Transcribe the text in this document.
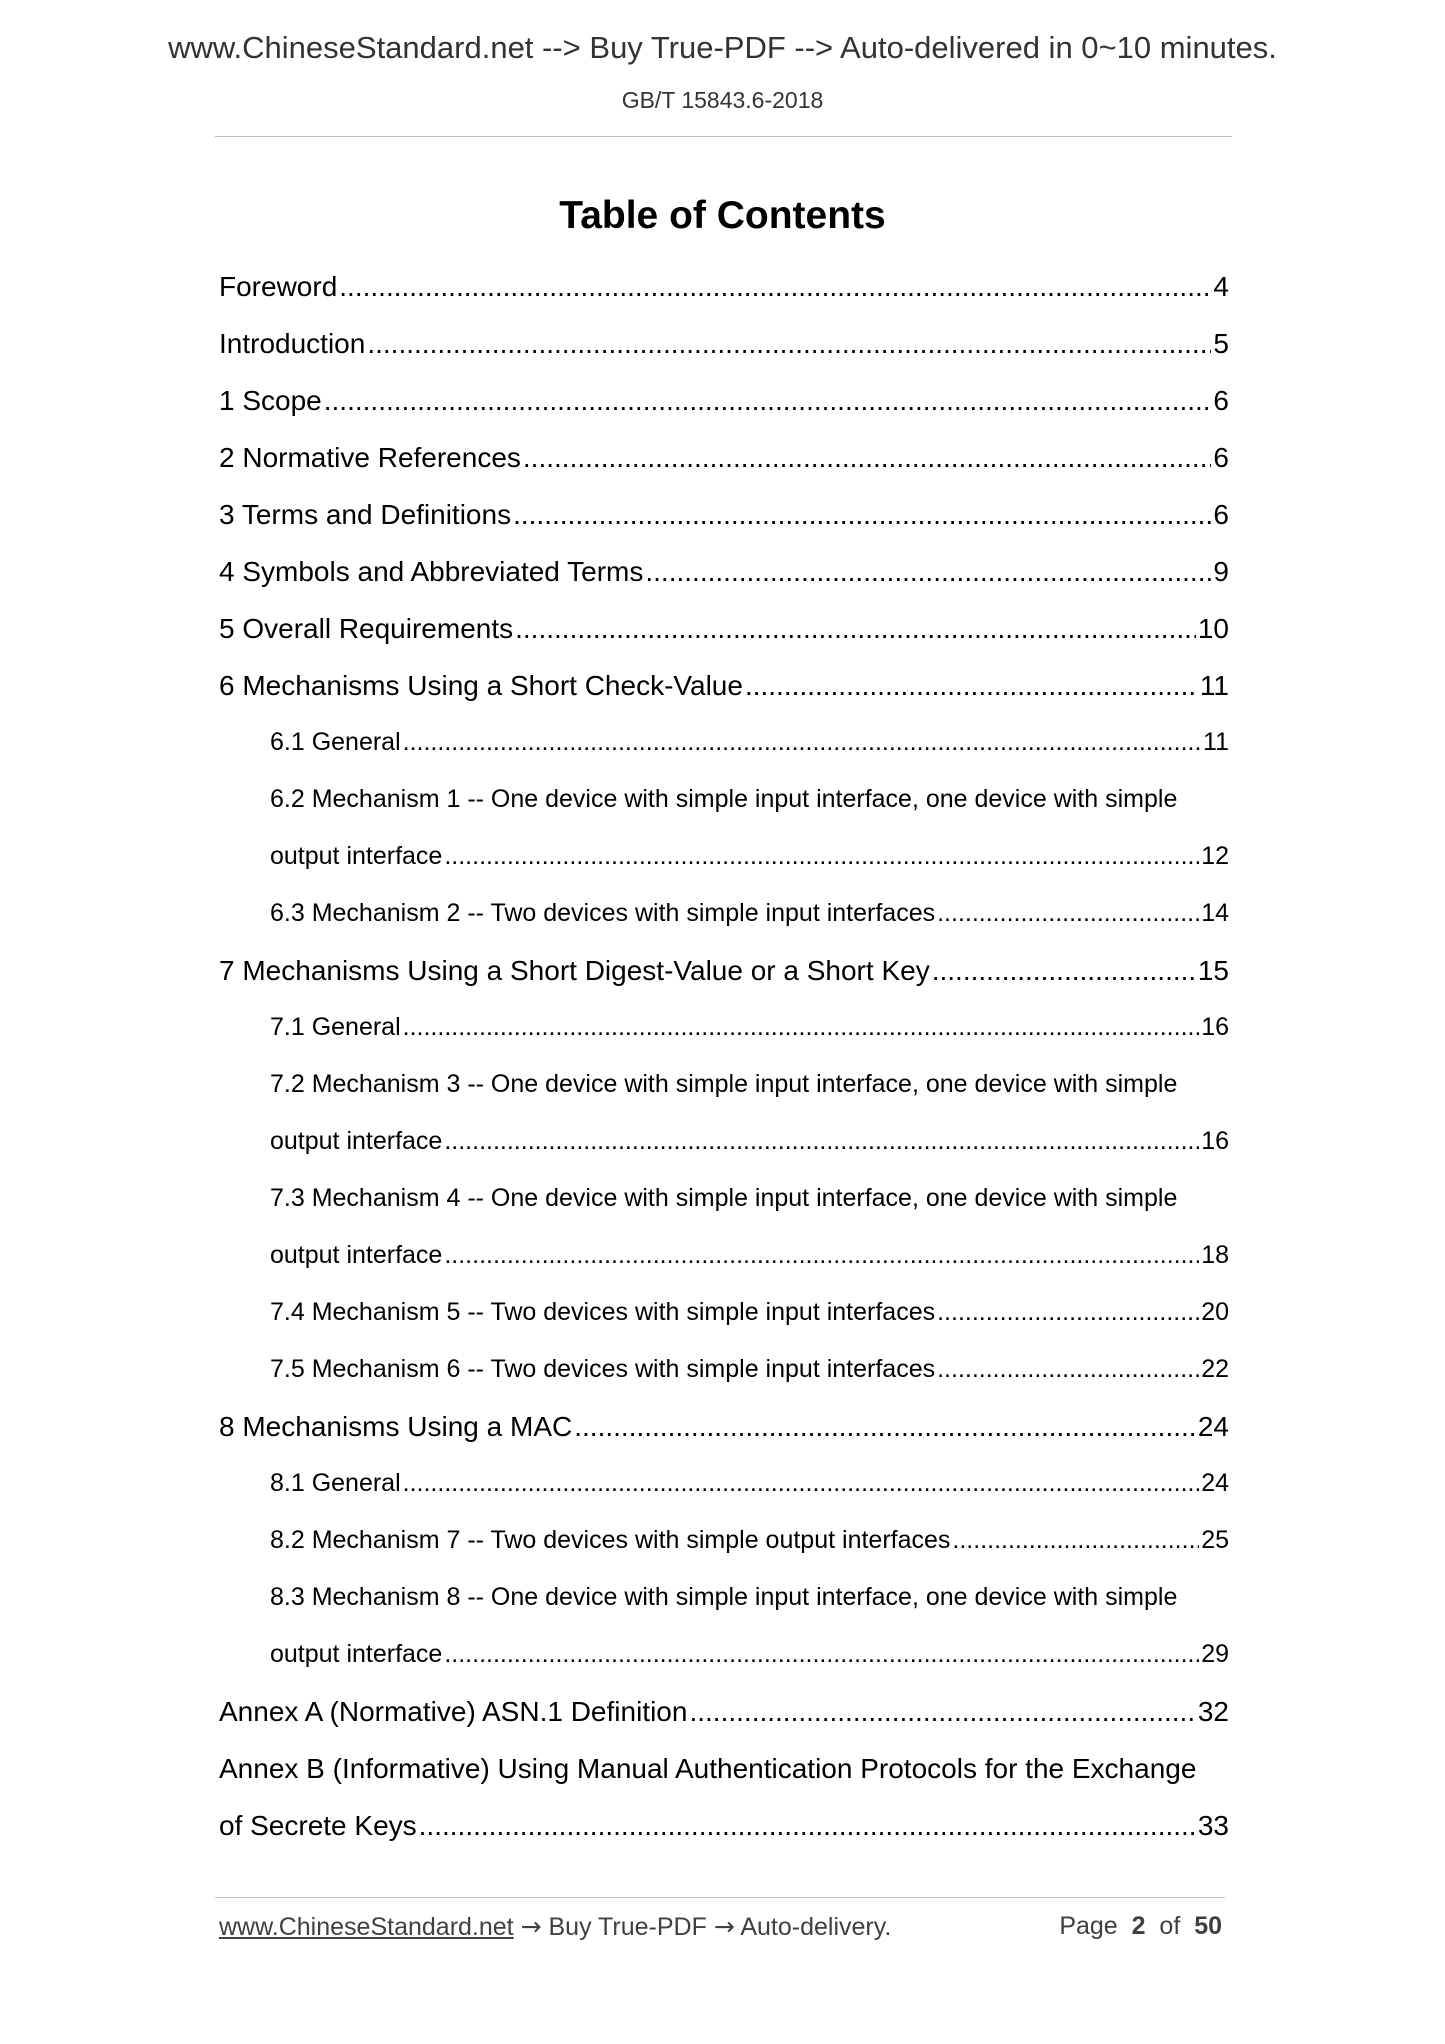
www.ChineseStandard.net --> Buy True-PDF --> Auto-delivered in 0~10 minutes.
GB/T 15843.6-2018
Table of Contents
Foreword .....	4
Introduction .....	5
1 Scope .....	6
2 Normative References .....	6
3 Terms and Definitions .....	6
4 Symbols and Abbreviated Terms .....	9
5 Overall Requirements .....	10
6 Mechanisms Using a Short Check-Value .....	11
6.1 General .....	11
6.2 Mechanism 1 -- One device with simple input interface, one device with simple
output interface .....	12
6.3 Mechanism 2 -- Two devices with simple input interfaces .....	14
7 Mechanisms Using a Short Digest-Value or a Short Key .....	15
7.1 General .....	16
7.2 Mechanism 3 -- One device with simple input interface, one device with simple
output interface .....	16
7.3 Mechanism 4 -- One device with simple input interface, one device with simple
output interface .....	18
7.4 Mechanism 5 -- Two devices with simple input interfaces .....	20
7.5 Mechanism 6 -- Two devices with simple input interfaces .....	22
8 Mechanisms Using a MAC .....	24
8.1 General .....	24
8.2 Mechanism 7 -- Two devices with simple output interfaces .....	25
8.3 Mechanism 8 -- One device with simple input interface, one device with simple
output interface .....	29
Annex A (Normative) ASN.1 Definition .....	32
Annex B (Informative) Using Manual Authentication Protocols for the Exchange
of Secrete Keys .....	33
www.ChineseStandard.net → Buy True-PDF → Auto-delivery.	Page 2 of 50
